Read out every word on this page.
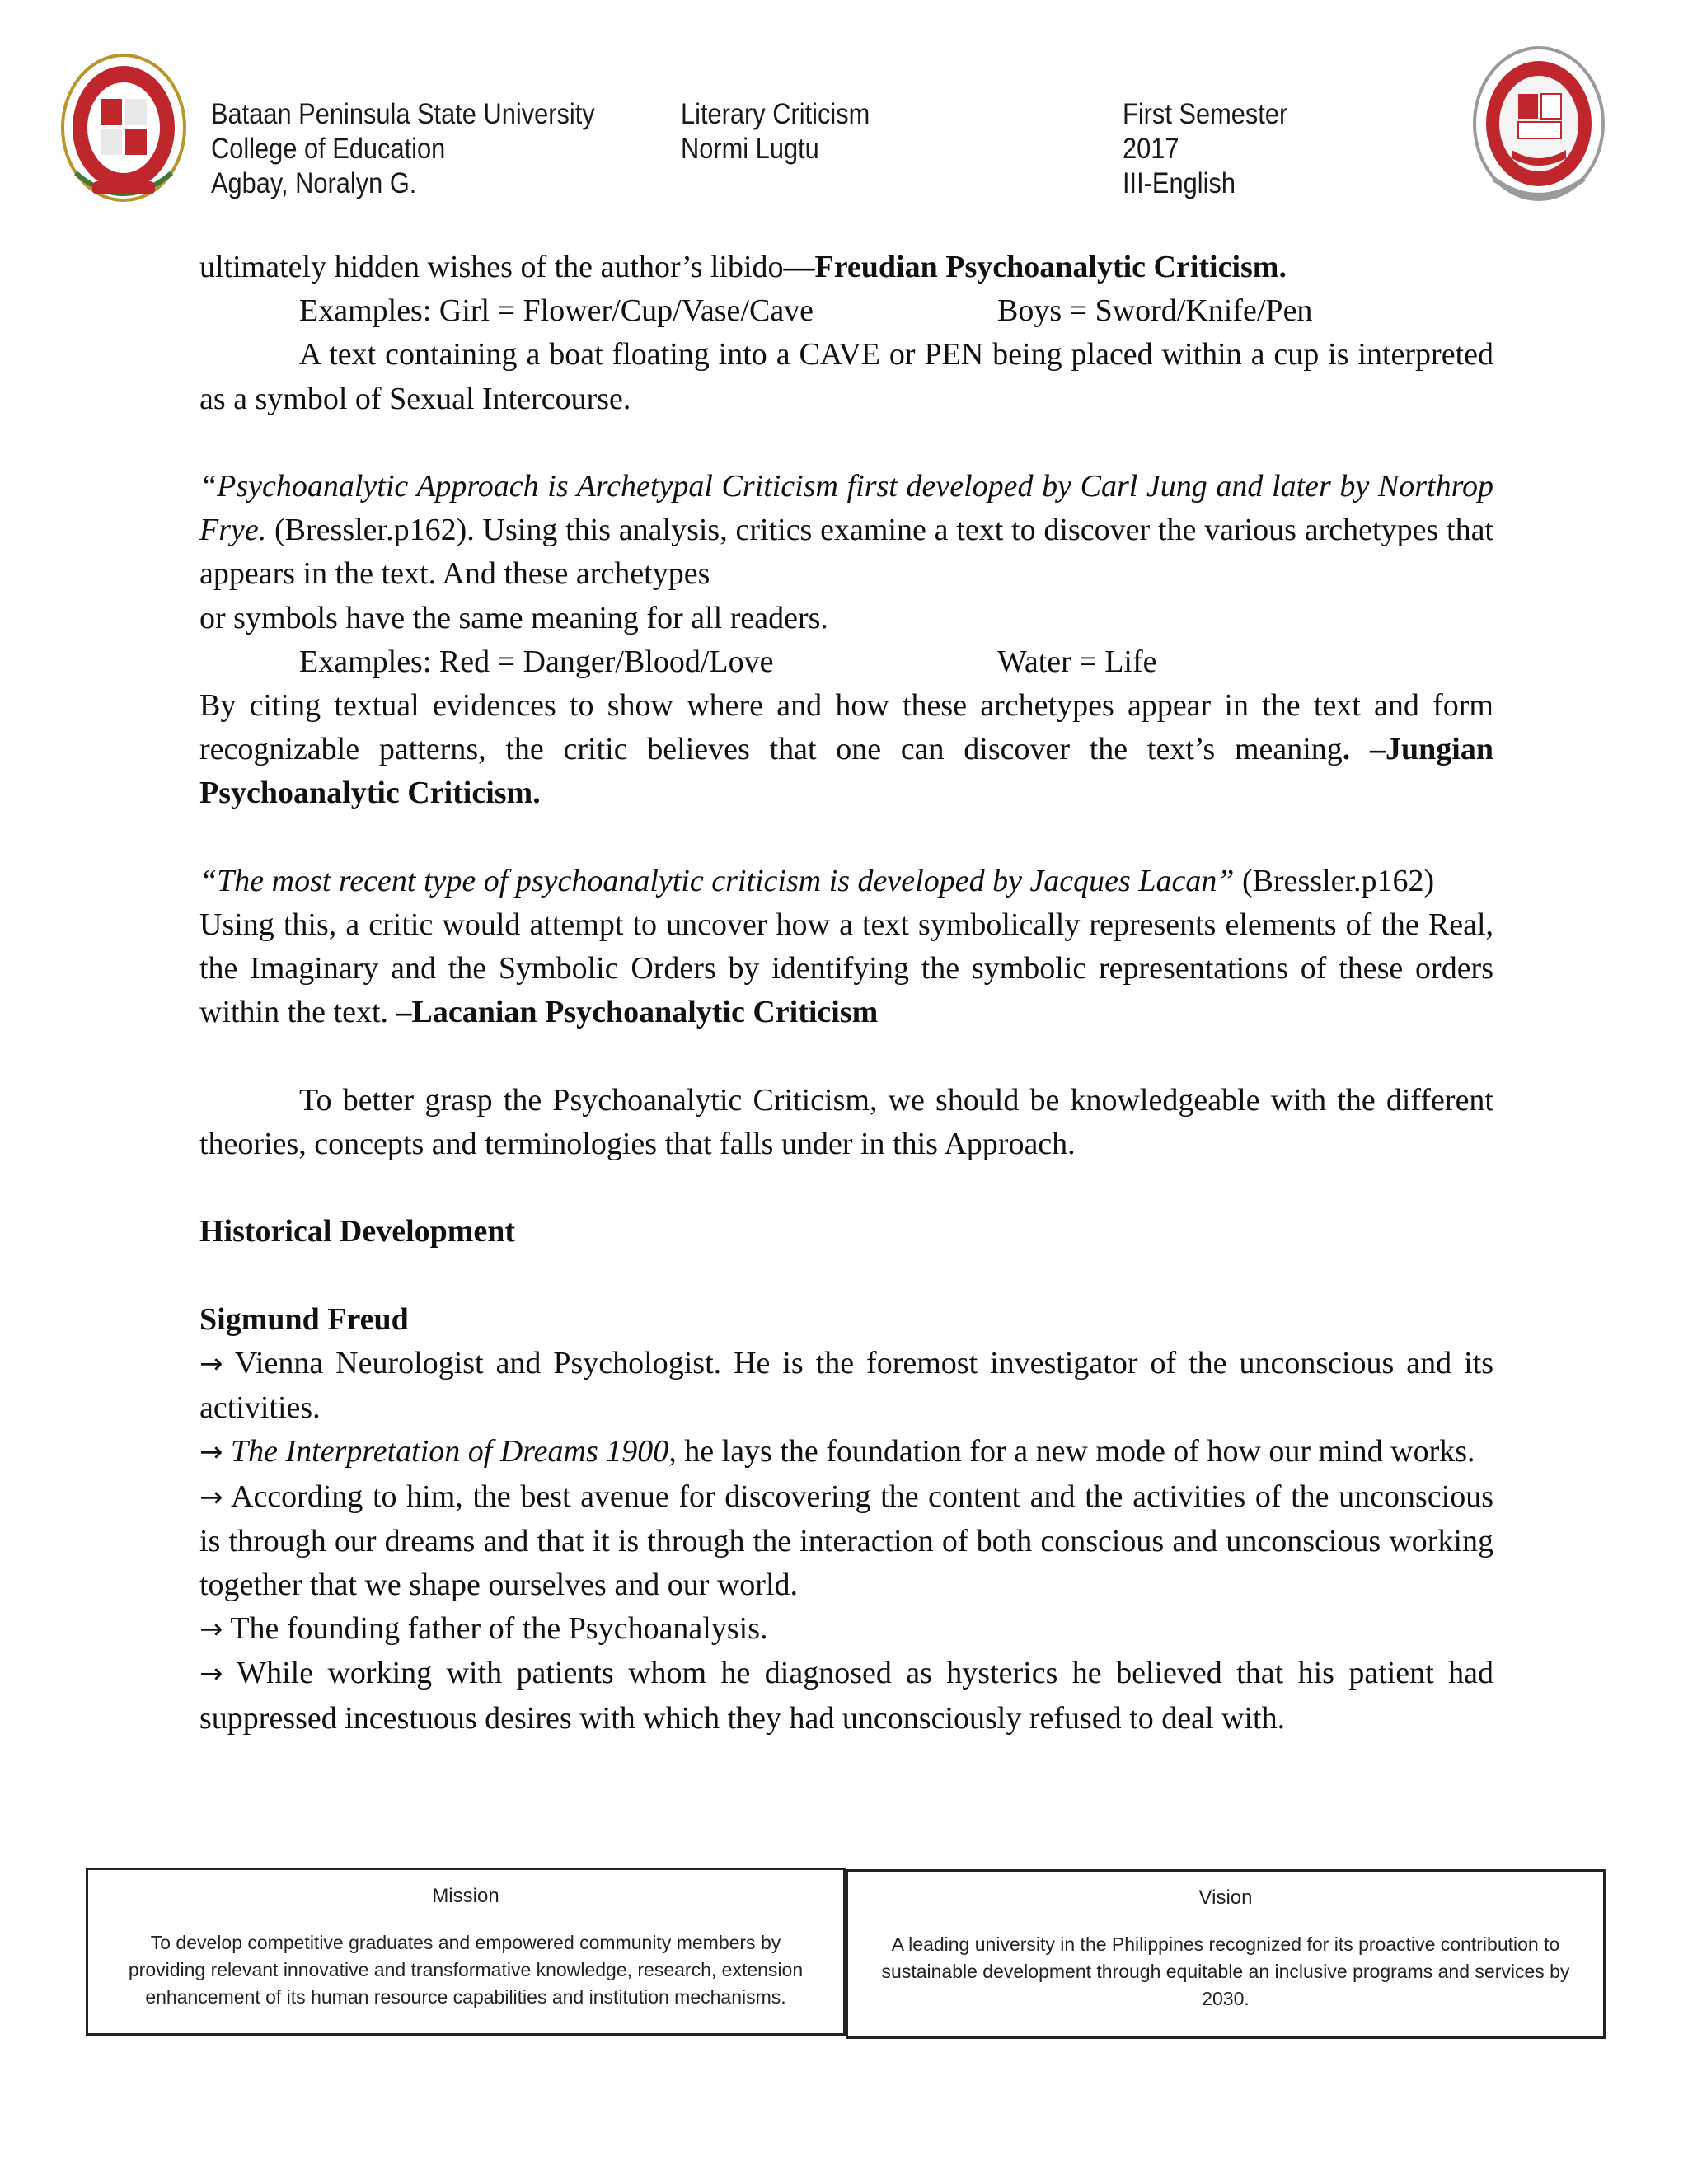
Bataan Peninsula State University
College of Education
Agbay, Noralyn G.
Literary Criticism
Normi Lugtu
First Semester
2017
III-English

ultimately hidden wishes of the author’s libido—Freudian Psychoanalytic Criticism.

Examples: Girl = Flower/Cup/Vase/Cave	Boys = Sword/Knife/Pen

A text containing a boat floating into a CAVE or PEN being placed within a cup is interpreted as a symbol of Sexual Intercourse.

“Psychoanalytic Approach is Archetypal Criticism first developed by Carl Jung and later by Northrop Frye. (Bressler.p162). Using this analysis, critics examine a text to discover the various archetypes that appears in the text. And these archetypes

or symbols have the same meaning for all readers.

Examples: Red = Danger/Blood/Love	Water = Life

By citing textual evidences to show where and how these archetypes appear in the text and form recognizable patterns, the critic believes that one can discover the text’s meaning. –Jungian Psychoanalytic Criticism.

“The most recent type of psychoanalytic criticism is developed by Jacques Lacan” (Bressler.p162)

Using this, a critic would attempt to uncover how a text symbolically represents elements of the Real, the Imaginary and the Symbolic Orders by identifying the symbolic representations of these orders within the text. –Lacanian Psychoanalytic Criticism

To better grasp the Psychoanalytic Criticism, we should be knowledgeable with the different theories, concepts and terminologies that falls under in this Approach.

Historical Development

Sigmund Freud

→ Vienna Neurologist and Psychologist. He is the foremost investigator of the unconscious and its activities.

→ The Interpretation of Dreams 1900, he lays the foundation for a new mode of how our mind works.

→ According to him, the best avenue for discovering the content and the activities of the unconscious is through our dreams and that it is through the interaction of both conscious and unconscious working together that we shape ourselves and our world.

→ The founding father of the Psychoanalysis.

→ While working with patients whom he diagnosed as hysterics he believed that his patient had suppressed incestuous desires with which they had unconsciously refused to deal with.

Mission
To develop competitive graduates and empowered community members by providing relevant innovative and transformative knowledge, research, extension enhancement of its human resource capabilities and institution mechanisms.
Vision
A leading university in the Philippines recognized for its proactive contribution to sustainable development through equitable an inclusive programs and services by 2030.
